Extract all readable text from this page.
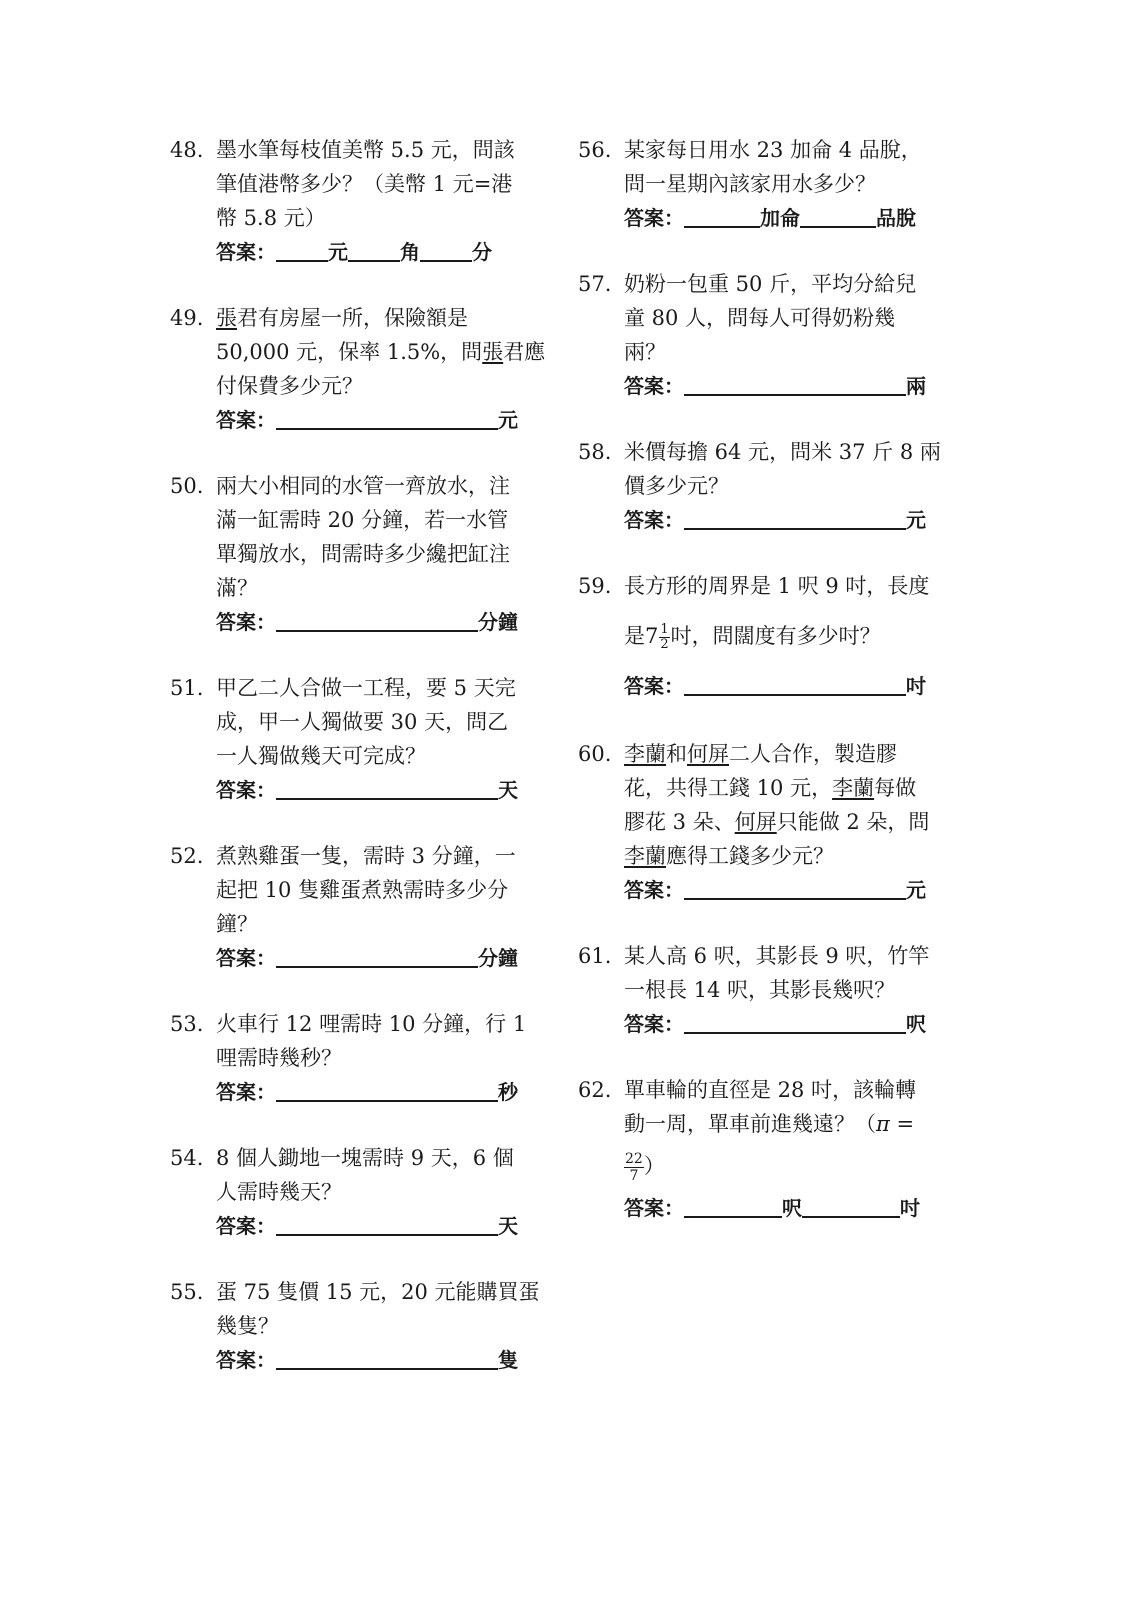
48. 墨水筆每枝值美幣 5.5 元，問該
筆值港幣多少？（美幣 1 元=港
幣 5.8 元）
答案：	元	角	分
49. 張君有房屋一所，保險額是
50,000 元，保率 1.5%，問張君應
付保費多少元？
答案：	元
50. 兩大小相同的水管一齊放水，注
滿一缸需時 20 分鐘，若一水管
單獨放水，問需時多少纔把缸注
滿？
答案：	分鐘
51. 甲乙二人合做一工程，要 5 天完
成，甲一人獨做要 30 天，問乙
一人獨做幾天可完成？
答案：	天
52. 煮熟雞蛋一隻，需時 3 分鐘，一
起把 10 隻雞蛋煮熟需時多少分
鐘？
答案：	分鐘
53. 火車行 12 哩需時 10 分鐘，行 1
哩需時幾秒？
答案：	秒
54. 8 個人鋤地一塊需時 9 天，6 個
人需時幾天？
答案：	天
55. 蛋 75 隻價 15 元，20 元能購買蛋
幾隻？
答案：	隻
56. 某家每日用水 23 加侖 4 品脫，
問一星期內該家用水多少？
答案：	加侖	品脫
57. 奶粉一包重 50 斤，平均分給兒
童 80 人，問每人可得奶粉幾
兩？
答案：	兩
58. 米價每擔 64 元，問米 37 斤 8 兩
價多少元？
答案：	元
59. 長方形的周界是 1 呎 9 吋，長度
是$7 \frac{1}{2}$ 吋，問闊度有多少吋？
答案：	吋
60. 李蘭和何屏二人合作，製造膠
花，共得工錢 10 元，李蘭每做
膠花 3 朵、何屏只能做 2 朵，問
李蘭應得工錢多少元？
答案：	元
61. 某人高 6 呎，其影長 9 呎，竹竿
一根長 14 呎，其影長幾呎？
答案：	呎
62. 單車輪的直徑是 28 吋，該輪轉
動一周，單車前進幾遠？（π =
$\frac{22}{7}$ ）
答案：	呎	吋
